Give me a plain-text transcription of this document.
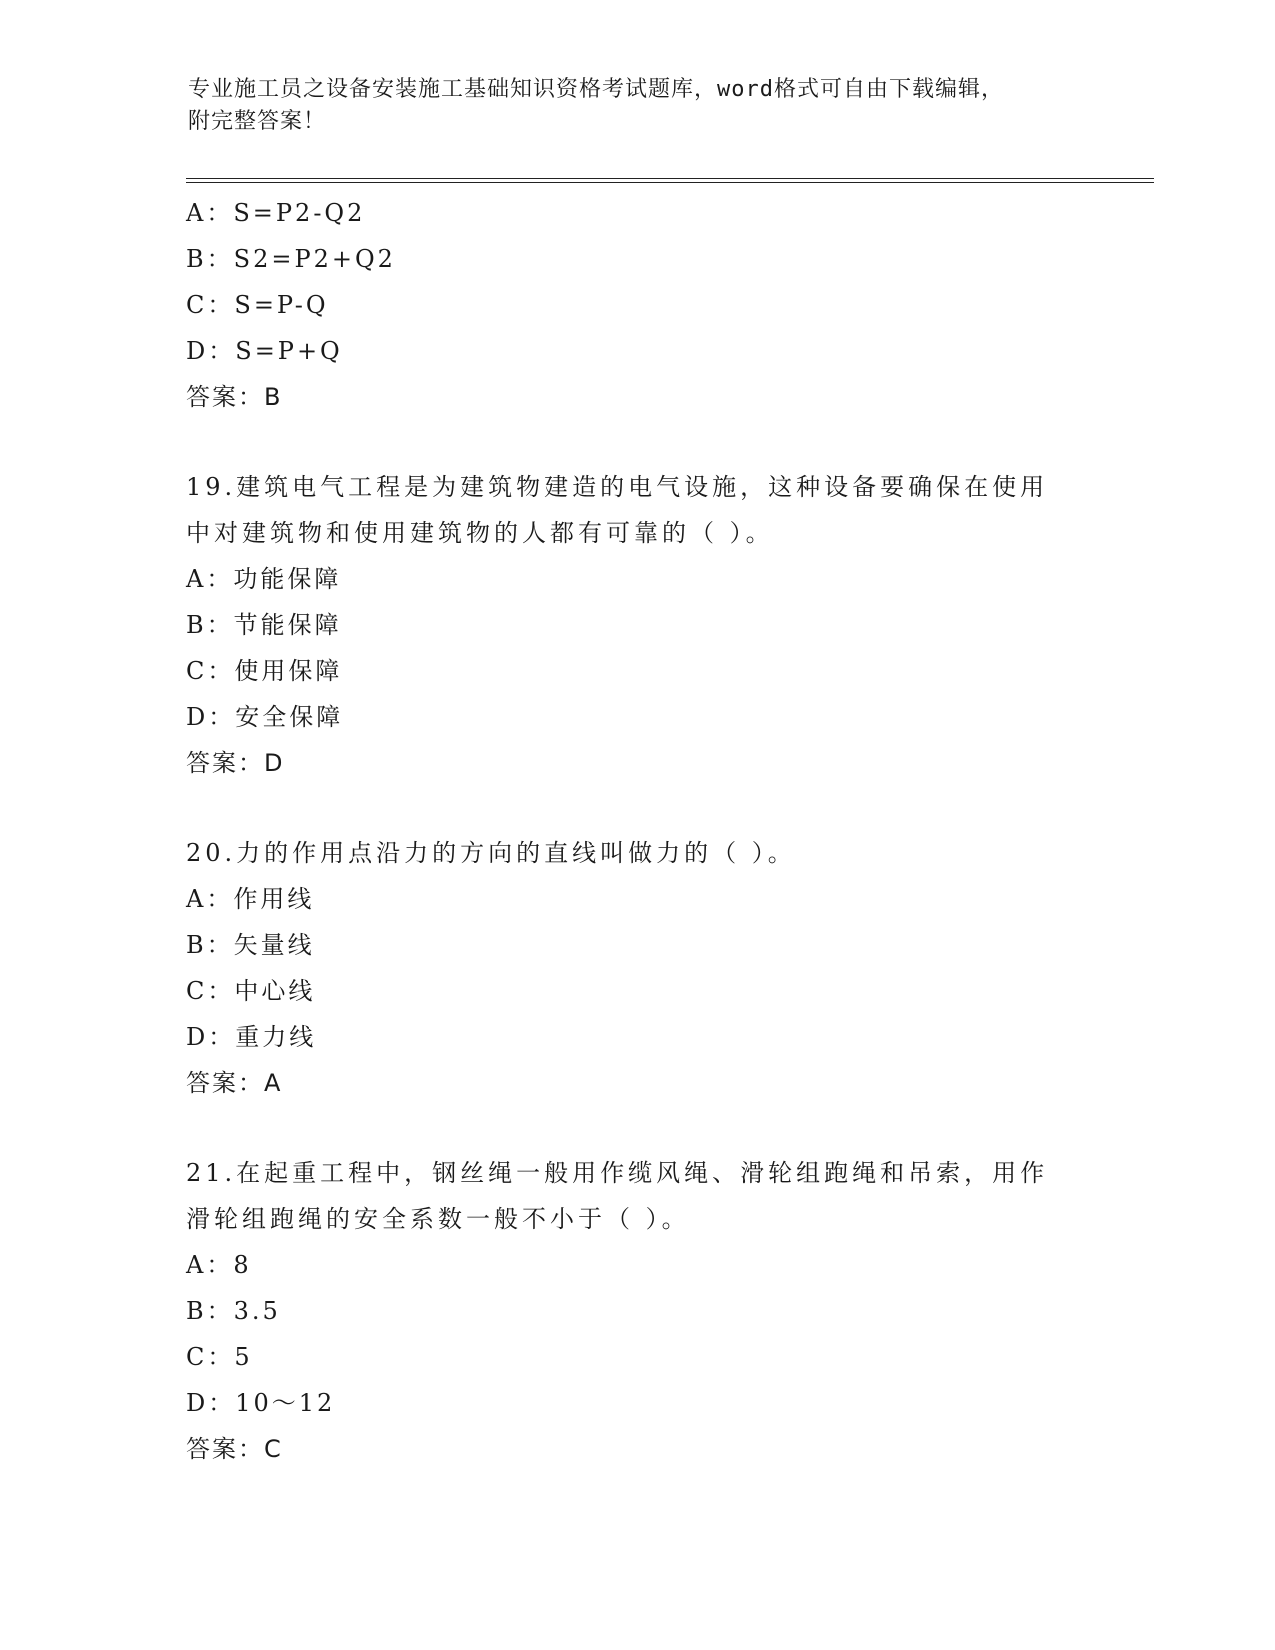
专业施工员之设备安装施工基础知识资格考试题库，word格式可自由下载编辑，
附完整答案！
A：S=P2-Q2
B：S2=P2+Q2
C：S=P-Q
D：S=P+Q
答案：B
19.建筑电气工程是为建筑物建造的电气设施，这种设备要确保在使用
中对建筑物和使用建筑物的人都有可靠的（ ）。
A：功能保障
B：节能保障
C：使用保障
D：安全保障
答案：D
20.力的作用点沿力的方向的直线叫做力的（ ）。
A：作用线
B：矢量线
C：中心线
D：重力线
答案：A
21.在起重工程中，钢丝绳一般用作缆风绳、滑轮组跑绳和吊索，用作
滑轮组跑绳的安全系数一般不小于（ ）。
A：8
B：3.5
C：5
D：10～12
答案：C
